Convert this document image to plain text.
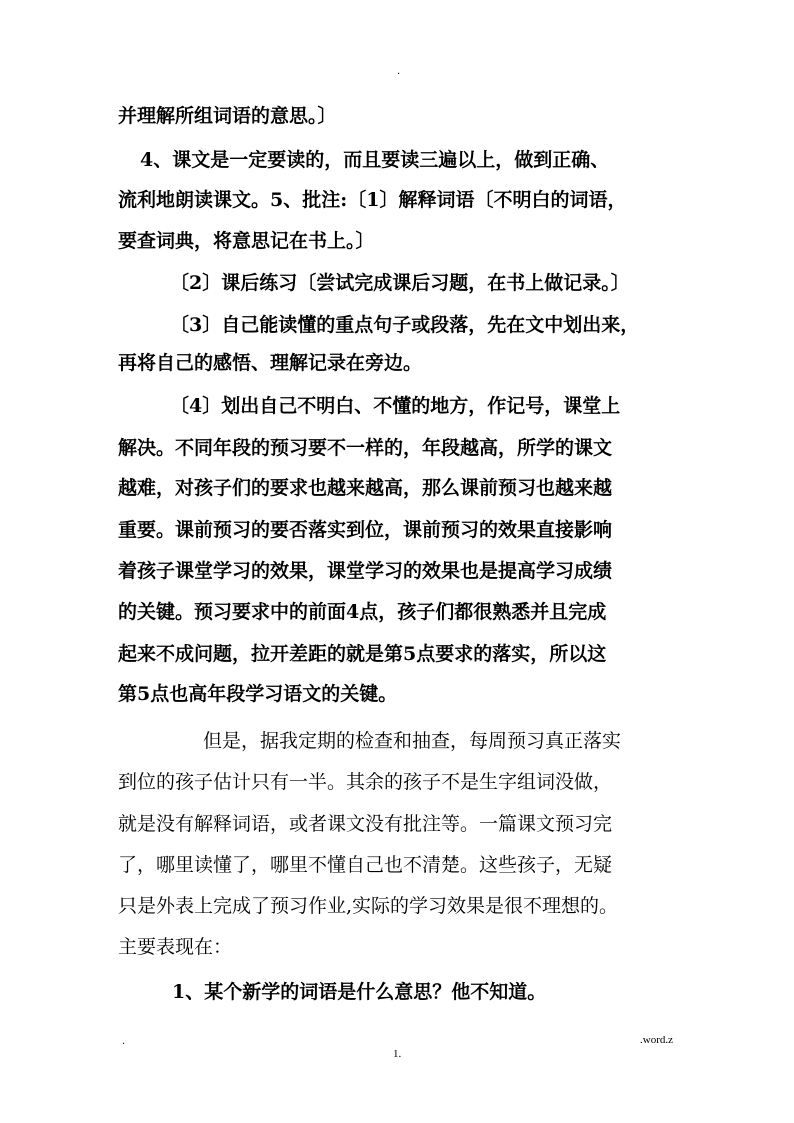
.
并理解所组词语的意思。〕
4、课文是一定要读的，而且要读三遍以上，做到正确、
流利地朗读课文。5、批注:〔1〕解释词语〔不明白的词语，
要查词典，将意思记在书上。〕
〔2〕课后练习〔尝试完成课后习题，在书上做记录。〕
〔3〕自己能读懂的重点句子或段落，先在文中划出来，
再将自己的感悟、理解记录在旁边。
〔4〕划出自己不明白、不懂的地方，作记号，课堂上
解决。不同年段的预习要不一样的，年段越高，所学的课文
越难，对孩子们的要求也越来越高，那么课前预习也越来越
重要。课前预习的要否落实到位，课前预习的效果直接影响
着孩子课堂学习的效果，课堂学习的效果也是提高学习成绩
的关键。预习要求中的前面4点，孩子们都很熟悉并且完成
起来不成问题，拉开差距的就是第5点要求的落实，所以这
第5点也高年段学习语文的关键。
但是，据我定期的检查和抽查，每周预习真正落实
到位的孩子估计只有一半。其余的孩子不是生字组词没做，
就是没有解释词语，或者课文没有批注等。一篇课文预习完
了，哪里读懂了，哪里不懂自己也不清楚。这些孩子，无疑
只是外表上完成了预习作业,实际的学习效果是很不理想的。
主要表现在：
1、某个新学的词语是什么意思？他不知道。
.	.word.z
1.
